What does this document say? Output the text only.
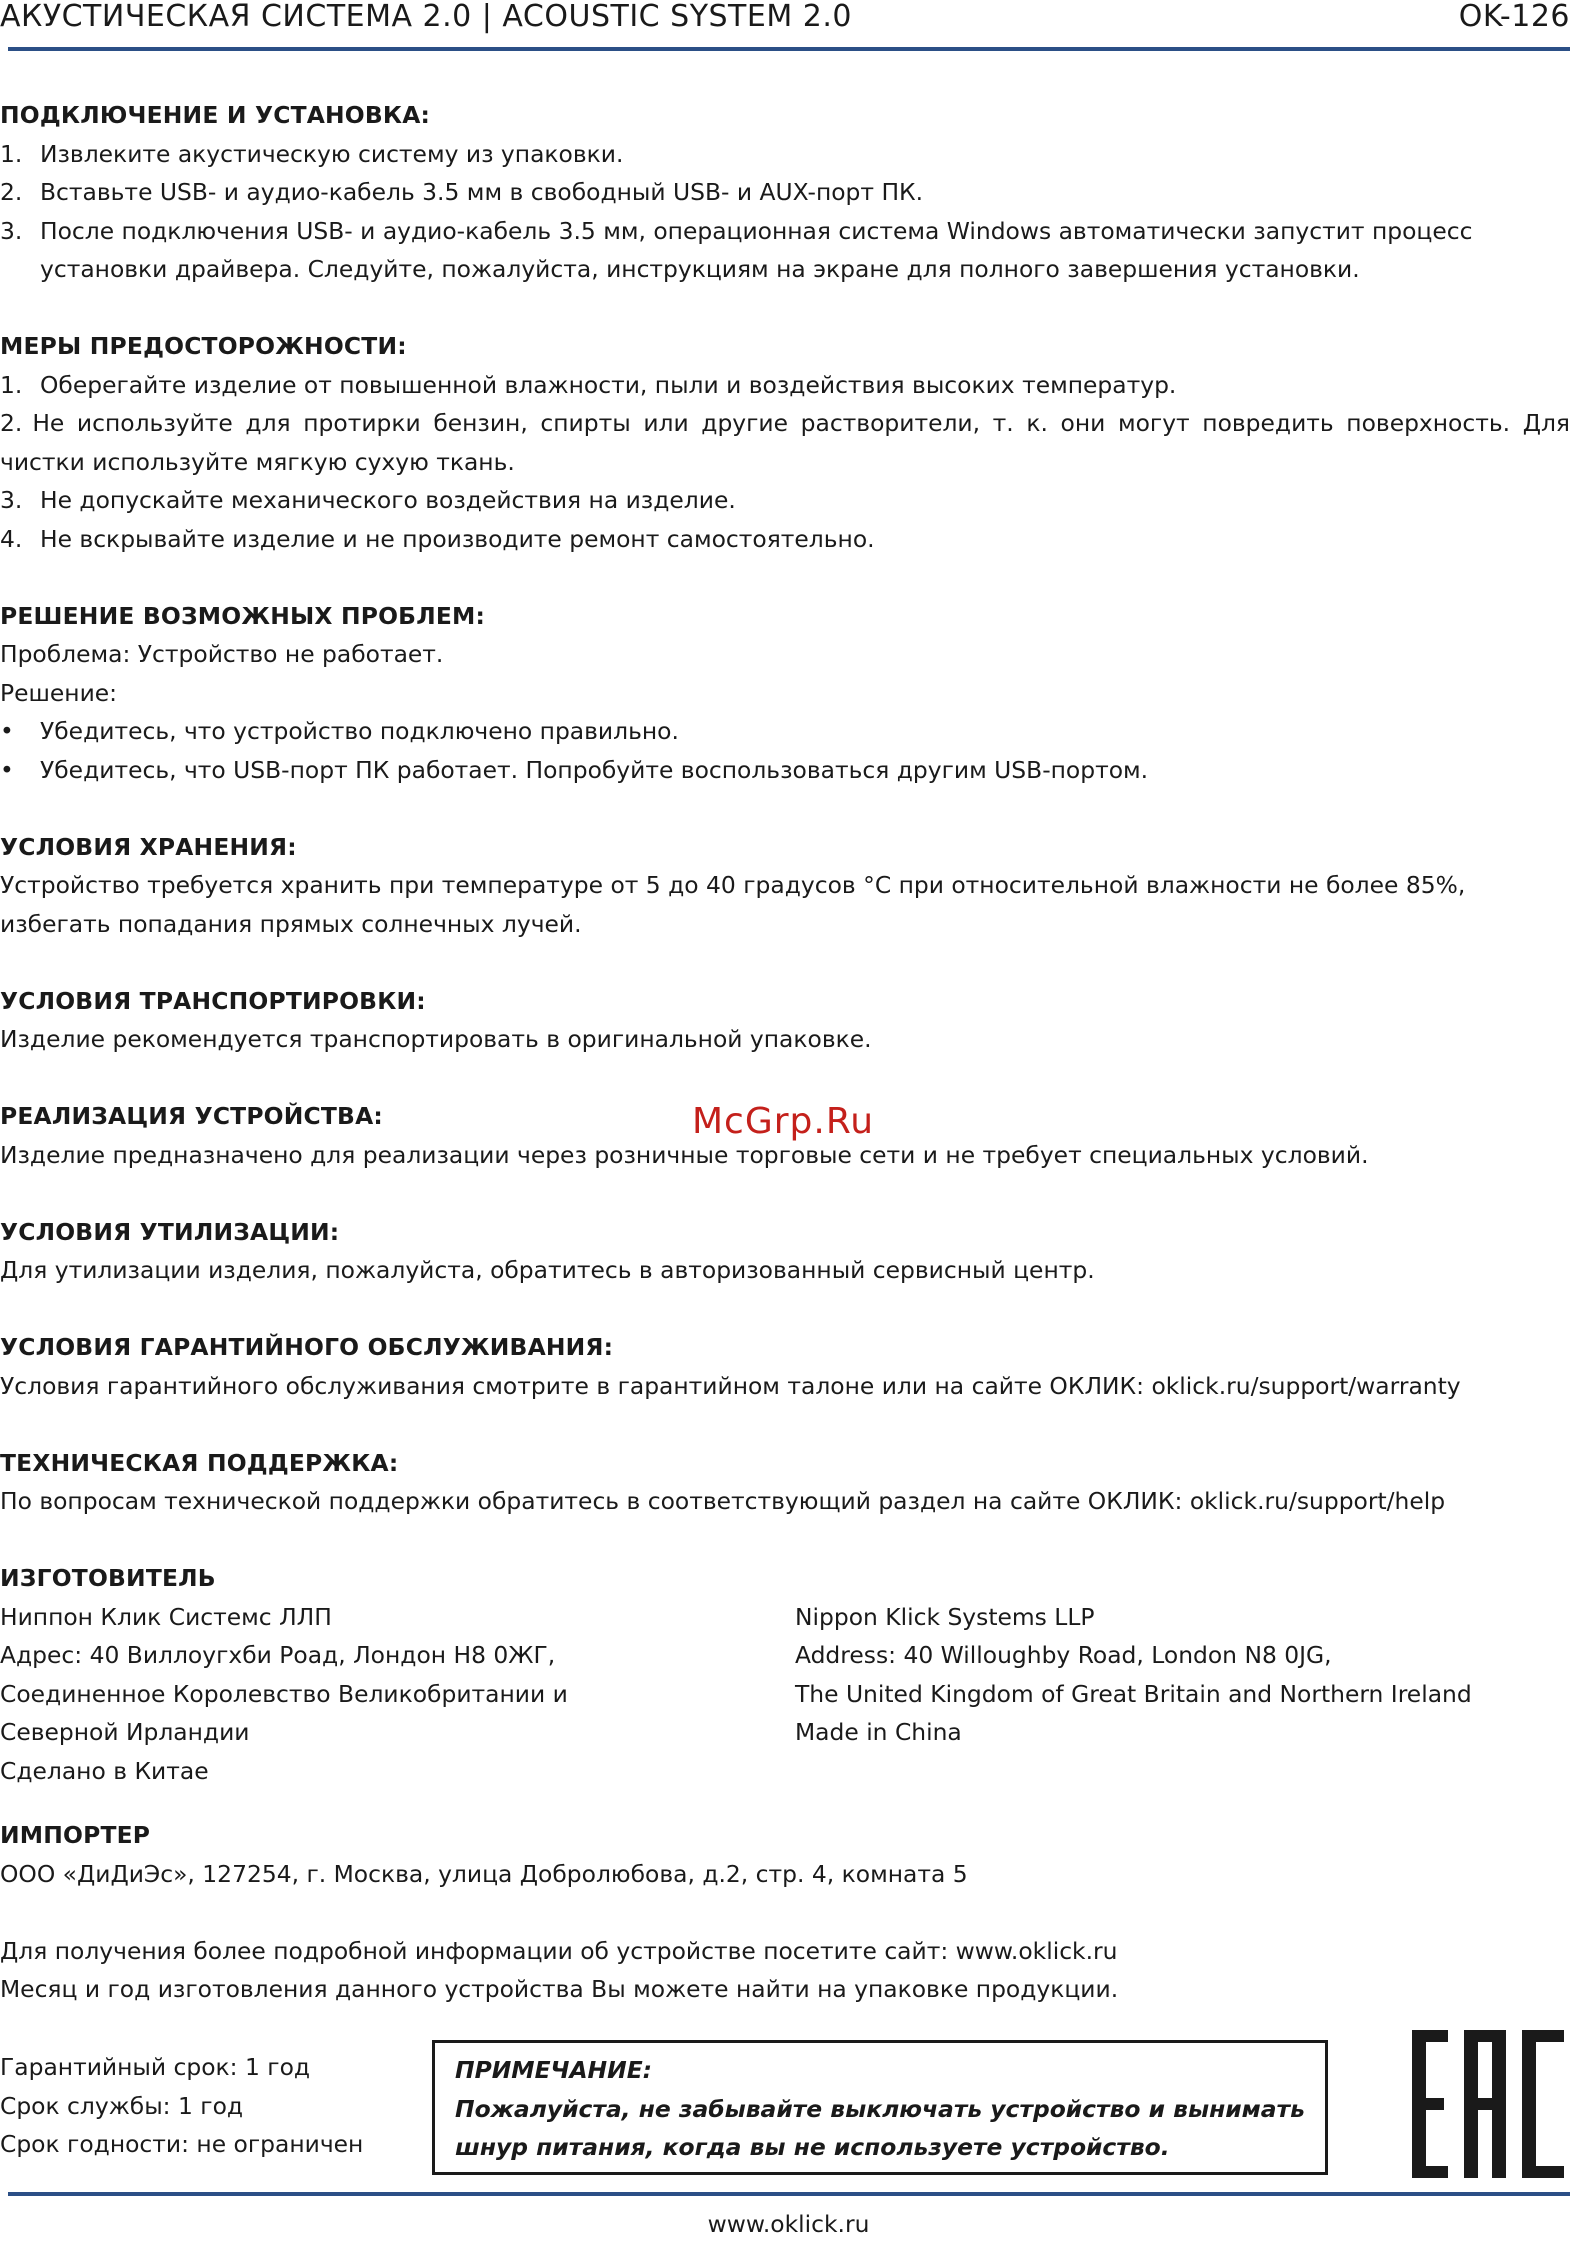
АКУСТИЧЕСКАЯ СИСТЕМА 2.0 | ACOUSTIC SYSTEM 2.0	OK-126

ПОДКЛЮЧЕНИЕ И УСТАНОВКА:

1. Извлеките акустическую систему из упаковки.
2. Вставьте USB- и аудио-кабель 3.5 мм в свободный USB- и AUX-порт ПК.
3. После подключения USB- и аудио-кабель 3.5 мм, операционная система Windows автоматически запустит процесс установки драйвера. Следуйте, пожалуйста, инструкциям на экране для полного завершения установки.

МЕРЫ ПРЕДОСТОРОЖНОСТИ:

1. Оберегайте изделие от повышенной влажности, пыли и воздействия высоких температур.
2. Не используйте для протирки бензин, спирты или другие растворители, т. к. они могут повредить поверхность. Для чистки используйте мягкую сухую ткань.
3. Не допускайте механического воздействия на изделие.
4. Не вскрывайте изделие и не производите ремонт самостоятельно.

РЕШЕНИЕ ВОЗМОЖНЫХ ПРОБЛЕМ:

Проблема: Устройство не работает.

Решение:

• Убедитесь, что устройство подключено правильно.
• Убедитесь, что USB-порт ПК работает. Попробуйте воспользоваться другим USB-портом.

УСЛОВИЯ ХРАНЕНИЯ:

Устройство требуется хранить при температуре от 5 до 40 градусов °С при относительной влажности не более 85%, избегать попадания прямых солнечных лучей.

УСЛОВИЯ ТРАНСПОРТИРОВКИ:

Изделие рекомендуется транспортировать в оригинальной упаковке.

РЕАЛИЗАЦИЯ УСТРОЙСТВА:

Изделие предназначено для реализации через розничные торговые сети и не требует специальных условий.

УСЛОВИЯ УТИЛИЗАЦИИ:

Для утилизации изделия, пожалуйста, обратитесь в авторизованный сервисный центр.

УСЛОВИЯ ГАРАНТИЙНОГО ОБСЛУЖИВАНИЯ:

Условия гарантийного обслуживания смотрите в гарантийном талоне или на сайте ОКЛИК: oklick.ru/support/warranty

ТЕХНИЧЕСКАЯ ПОДДЕРЖКА:

По вопросам технической поддержки обратитесь в соответствующий раздел на сайте ОКЛИК: oklick.ru/support/help

ИЗГОТОВИТЕЛЬ

Ниппон Клик Системс ЛЛП

Адрес: 40 Виллоугхби Роад, Лондон Н8 0ЖГ,

Соединенное Королевство Великобритании и Северной Ирландии

Сделано в Китае

Nippon Klick Systems LLP

Address: 40 Willoughby Road, London N8 0JG,

The United Kingdom of Great Britain and Northern Ireland

Made in China

ИМПОРТЕР

ООО «ДиДиЭс», 127254, г. Москва, улица Добролюбова, д.2, стр. 4, комната 5

Для получения более подробной информации об устройстве посетите сайт: www.oklick.ru

Месяц и год изготовления данного устройства Вы можете найти на упаковке продукции.

Гарантийный срок: 1 год

Срок службы: 1 год

Срок годности: не ограничен

ПРИМЕЧАНИЕ:

Пожалуйста, не забывайте выключать устройство и вынимать

шнур питания, когда вы не используете устройство.

www.oklick.ru
McGrp.Ru
